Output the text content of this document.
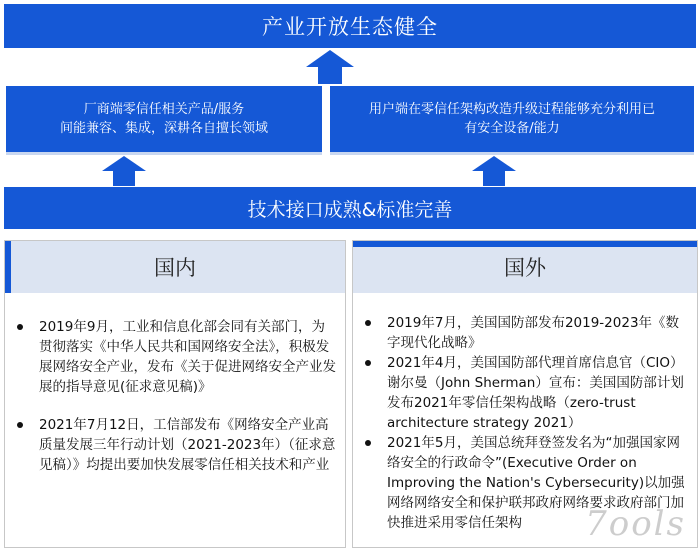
产业开放生态健全
厂商端零信任相关产品/服务
间能兼容、集成，深耕各自擅长领域
用户端在零信任架构改造升级过程能够充分利用已
有安全设备/能力
技术接口成熟&标准完善
国内
2019年9月，工业和信息化部会同有关部门，为贯彻落实《中华人民共和国网络安全法》，积极发展网络安全产业，发布《关于促进网络安全产业发展的指导意见(征求意见稿)》
2021年7月12日，工信部发布《网络安全产业高质量发展三年行动计划（2021-2023年）（征求意见稿）》均提出要加快发展零信任相关技术和产业
国外
2019年7月，美国国防部发布2019-2023年《数字现代化战略》
2021年4月，美国国防部代理首席信息官（CIO）谢尔曼（John Sherman）宣布：美国国防部计划发布2021年零信任架构战略（zero-trust architecture strategy 2021）
2021年5月，美国总统拜登签发名为“加强国家网络安全的行政命令”(Executive Order on Improving the Nation's Cybersecurity)以加强网络网络安全和保护联邦政府网络要求政府部门加快推进采用零信任架构	7ools
